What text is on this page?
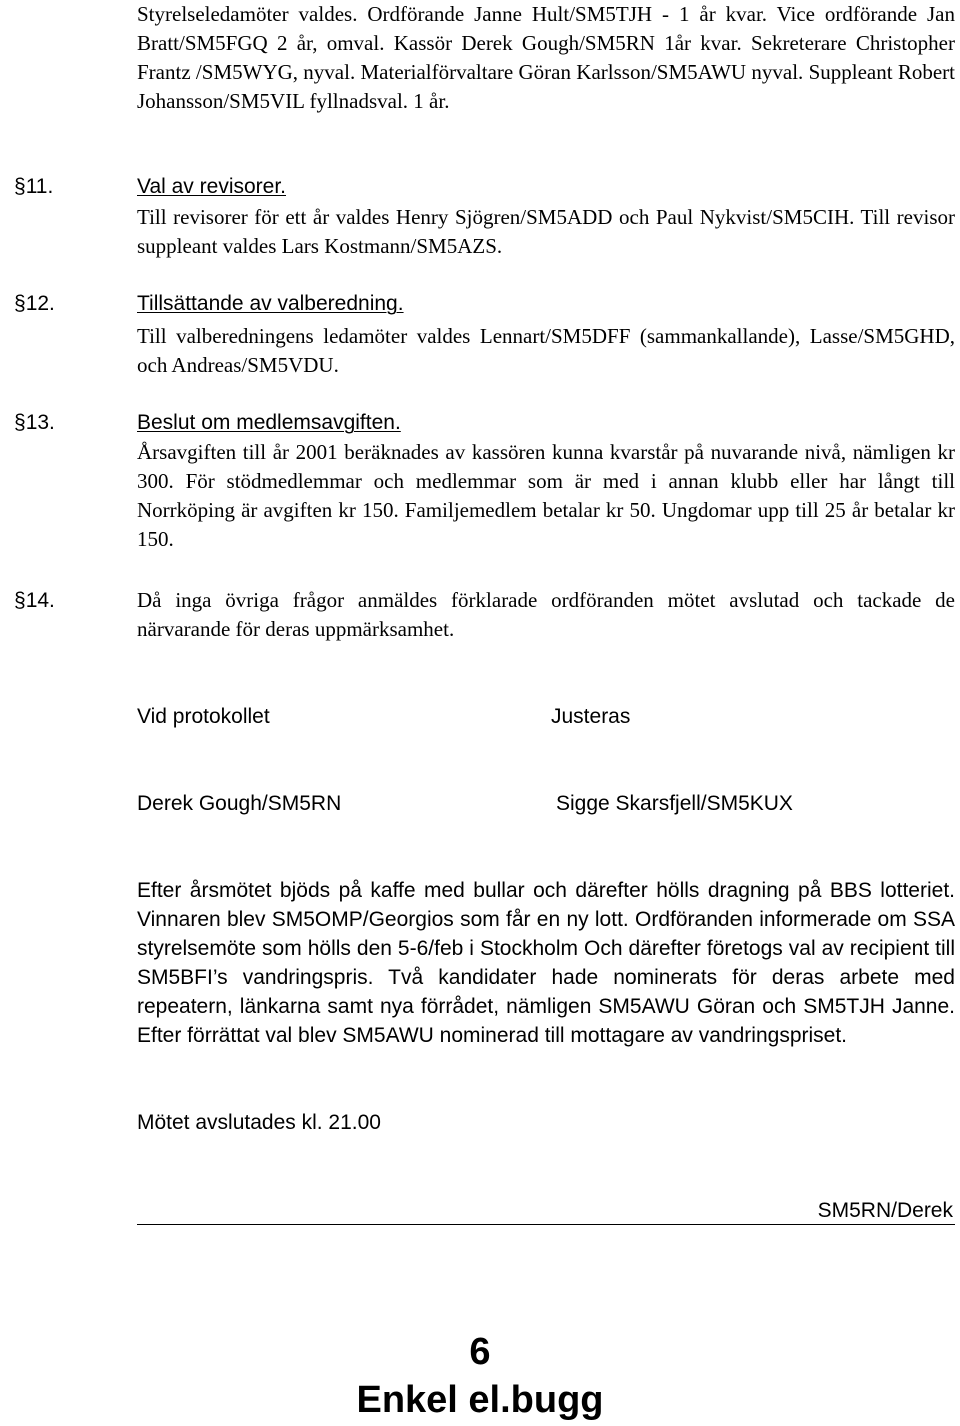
Styrelseledamöter valdes. Ordförande Janne Hult/SM5TJH - 1 år kvar. Vice ordförande Jan Bratt/SM5FGQ 2 år, omval. Kassör Derek Gough/SM5RN 1år kvar. Sekreterare Christopher Frantz /SM5WYG, nyval. Materialförvaltare Göran Karlsson/SM5AWU nyval. Suppleant Robert Johansson/SM5VIL fyllnadsval. 1 år.
§ 11.	Val av revisorer.
Till revisorer för ett år valdes Henry Sjögren/SM5ADD och Paul Nykvist/SM5CIH. Till revisor suppleant valdes Lars Kostmann/SM5AZS.
§ 12.	Tillsättande av valberedning.
Till valberedningens ledamöter valdes Lennart/SM5DFF (sammankallande), Lasse/SM5GHD, och Andreas/SM5VDU.
§ 13.	Beslut om medlemsavgiften.
Årsavgiften till år 2001 beräknades av kassören kunna kvarstår på nuvarande nivå, nämligen kr 300. För stödmedlemmar och medlemmar som är med i annan klubb eller har långt till Norrköping är avgiften kr 150. Familjemedlem betalar kr 50. Ungdomar upp till 25 år betalar kr 150.
§ 14.	Då inga övriga frågor anmäldes förklarade ordföranden mötet avslutad och tackade de närvarande för deras uppmärksamhet.
Vid protokollet	Justeras
Derek Gough/SM5RN	Sigge Skarsfjell/SM5KUX
Efter årsmötet bjöds på kaffe med bullar och därefter hölls dragning på BBS lotteriet. Vinnaren blev SM5OMP/Georgios som får en ny lott. Ordföranden informerade om SSA styrelsemöte som hölls den 5-6/feb i Stockholm Och därefter företogs val av recipient till SM5BFI’s vandringspris. Två kandidater hade nominerats för deras arbete med repeatern, länkarna samt nya förrådet, nämligen SM5AWU Göran och SM5TJH Janne. Efter förrättat val blev SM5AWU nominerad till mottagare av vandringspriset.
Mötet avslutades kl. 21.00
SM5RN/Derek
6
Enkel el.bugg
